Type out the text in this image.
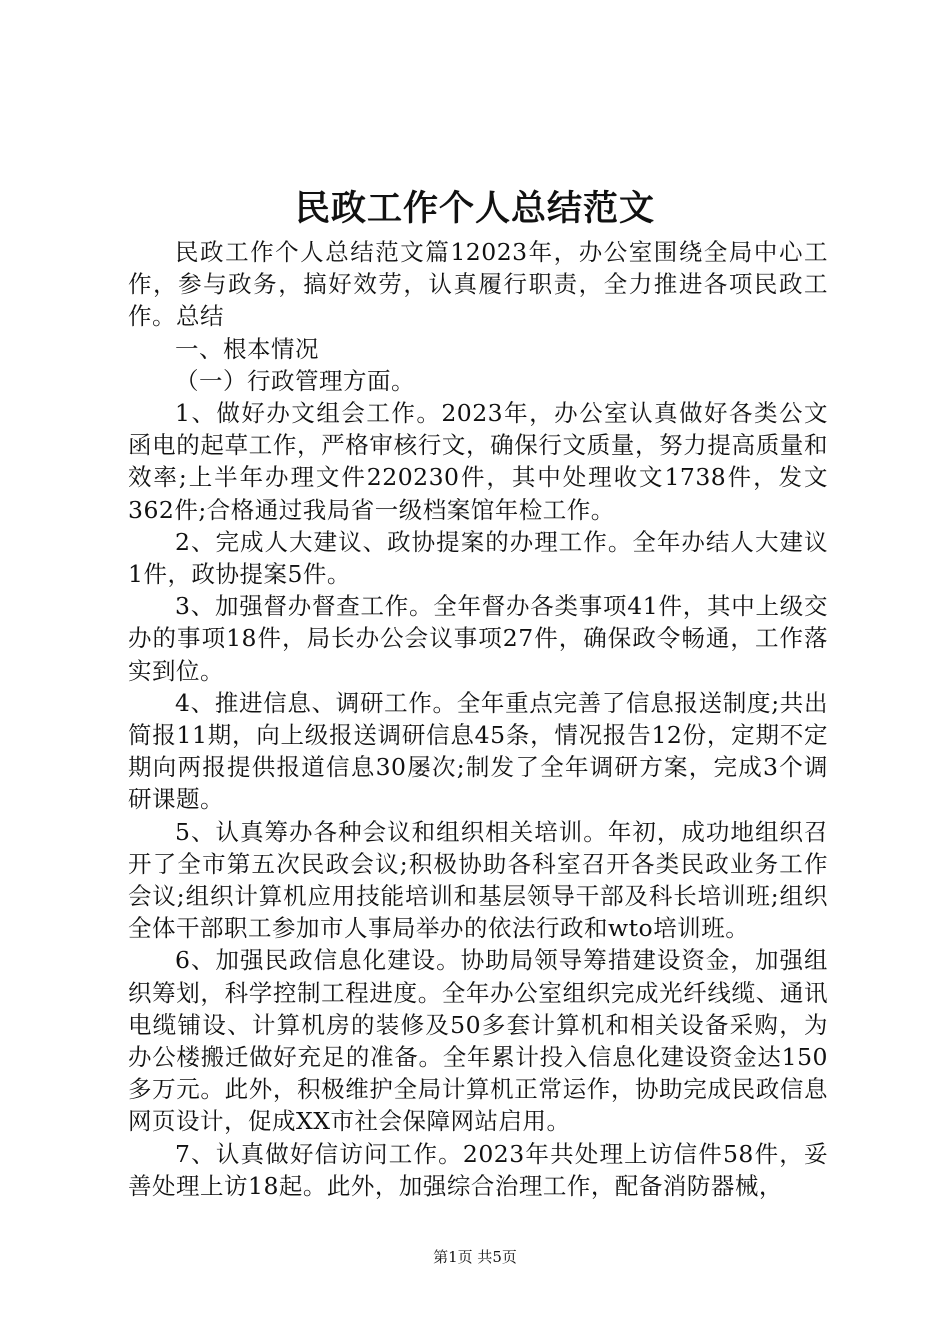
民政工作个人总结范文

民政工作个人总结范文篇12023年，办公室围绕全局中心工作，参与政务，搞好效劳，认真履行职责，全力推进各项民政工作。总结

一、根本情况

（一）行政管理方面。

1、做好办文组会工作。2023年，办公室认真做好各类公文函电的起草工作，严格审核行文，确保行文质量，努力提高质量和效率;上半年办理文件220230件，其中处理收文1738件，发文362件;合格通过我局省一级档案馆年检工作。

2、完成人大建议、政协提案的办理工作。全年办结人大建议1件，政协提案5件。

3、加强督办督查工作。全年督办各类事项41件，其中上级交办的事项18件，局长办公会议事项27件，确保政令畅通，工作落实到位。

4、推进信息、调研工作。全年重点完善了信息报送制度;共出简报11期，向上级报送调研信息45条，情况报告12份，定期不定期向两报提供报道信息30屡次;制发了全年调研方案，完成3个调研课题。

5、认真筹办各种会议和组织相关培训。年初，成功地组织召开了全市第五次民政会议;积极协助各科室召开各类民政业务工作会议;组织计算机应用技能培训和基层领导干部及科长培训班;组织全体干部职工参加市人事局举办的依法行政和wto培训班。

6、加强民政信息化建设。协助局领导筹措建设资金，加强组织筹划，科学控制工程进度。全年办公室组织完成光纤线缆、通讯电缆铺设、计算机房的装修及50多套计算机和相关设备采购，为办公楼搬迁做好充足的准备。全年累计投入信息化建设资金达150多万元。此外，积极维护全局计算机正常运作，协助完成民政信息网页设计，促成XX市社会保障网站启用。

7、认真做好信访问工作。2023年共处理上访信件58件，妥善处理上访18起。此外，加强综合治理工作，配备消防器械，

第1页 共5页
